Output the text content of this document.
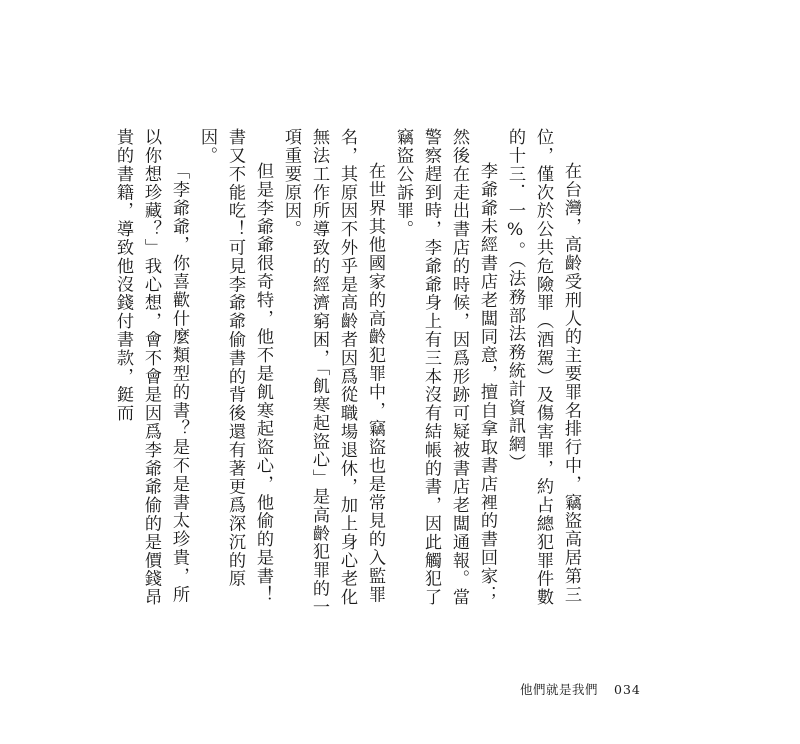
在台灣，高齡受刑人的主要罪名排行中，竊盜高居第三位，僅次於公共危險罪（酒駕）及傷害罪，約占總犯罪件數的十三．一%。（法務部法務統計資訊網）

李爺爺未經書店老闆同意，擅自拿取書店裡的書回家；然後在走出書店的時候，因爲形跡可疑被書店老闆通報。當警察趕到時，李爺爺身上有三本沒有結帳的書，因此觸犯了竊盜公訴罪。

在世界其他國家的高齡犯罪中，竊盜也是常見的入監罪名，其原因不外乎是高齡者因爲從職場退休，加上身心老化無法工作所導致的經濟窮困，「飢寒起盜心」是高齡犯罪的一項重要原因。

但是李爺爺很奇特，他不是飢寒起盜心，他偷的是書！書又不能吃！可見李爺爺偷書的背後還有著更爲深沉的原因。

「李爺爺，你喜歡什麼類型的書？是不是書太珍貴，所以你想珍藏？」我心想，會不會是因爲李爺爺偷的是價錢昂貴的書籍，導致他沒錢付書款，鋌而

他們就是我們 034
